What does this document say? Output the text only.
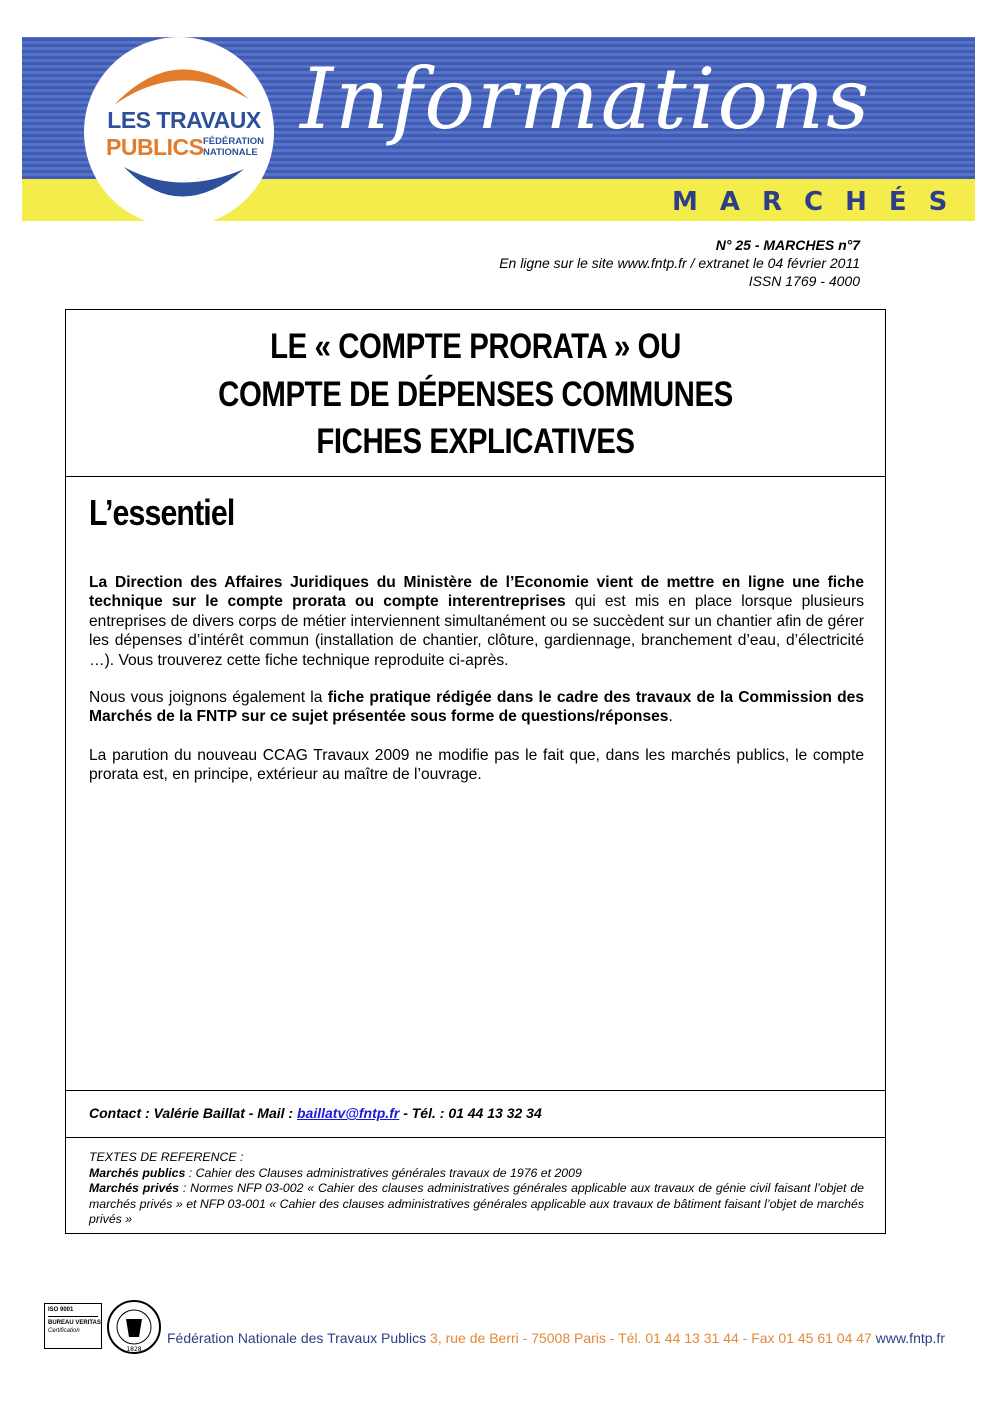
Informations
MARCHÉS
LES TRAVAUX
PUBLICS FÉDÉRATION
NATIONALE
N° 25 - MARCHES n°7
En ligne sur le site www.fntp.fr / extranet le 04 février 2011
ISSN 1769 - 4000
LE « COMPTE PRORATA » OU
COMPTE DE DÉPENSES COMMUNES
FICHES EXPLICATIVES
L’essentiel

La Direction des Affaires Juridiques du Ministère de l’Economie vient de mettre en ligne une fiche technique sur le compte prorata ou compte interentreprises qui est mis en place lorsque plusieurs entreprises de divers corps de métier interviennent simultanément ou se succèdent sur un chantier afin de gérer les dépenses d’intérêt commun (installation de chantier, clôture, gardiennage, branchement d’eau, d’électricité …). Vous trouverez cette fiche technique reproduite ci-après.

Nous vous joignons également la fiche pratique rédigée dans le cadre des travaux de la Commission des Marchés de la FNTP sur ce sujet présentée sous forme de questions/réponses.

La parution du nouveau CCAG Travaux 2009 ne modifie pas le fait que, dans les marchés publics, le compte prorata est, en principe, extérieur au maître de l’ouvrage.

Contact : Valérie Baillat - Mail : baillatv@fntp.fr - Tél. : 01 44 13 32 34

TEXTES DE REFERENCE :

Marchés publics : Cahier des Clauses administratives générales travaux de 1976 et 2009

Marchés privés : Normes NFP 03-002 « Cahier des clauses administratives générales applicable aux travaux de génie civil faisant l’objet de marchés privés » et NFP 03-001 « Cahier des clauses administratives générales applicable aux travaux de bâtiment faisant l’objet de marchés privés »

ISO 9001
BUREAU VERITAS
Certification
1828
Fédération Nationale des Travaux Publics 3, rue de Berri - 75008 Paris - Tél. 01 44 13 31 44 - Fax 01 45 61 04 47 www.fntp.fr
